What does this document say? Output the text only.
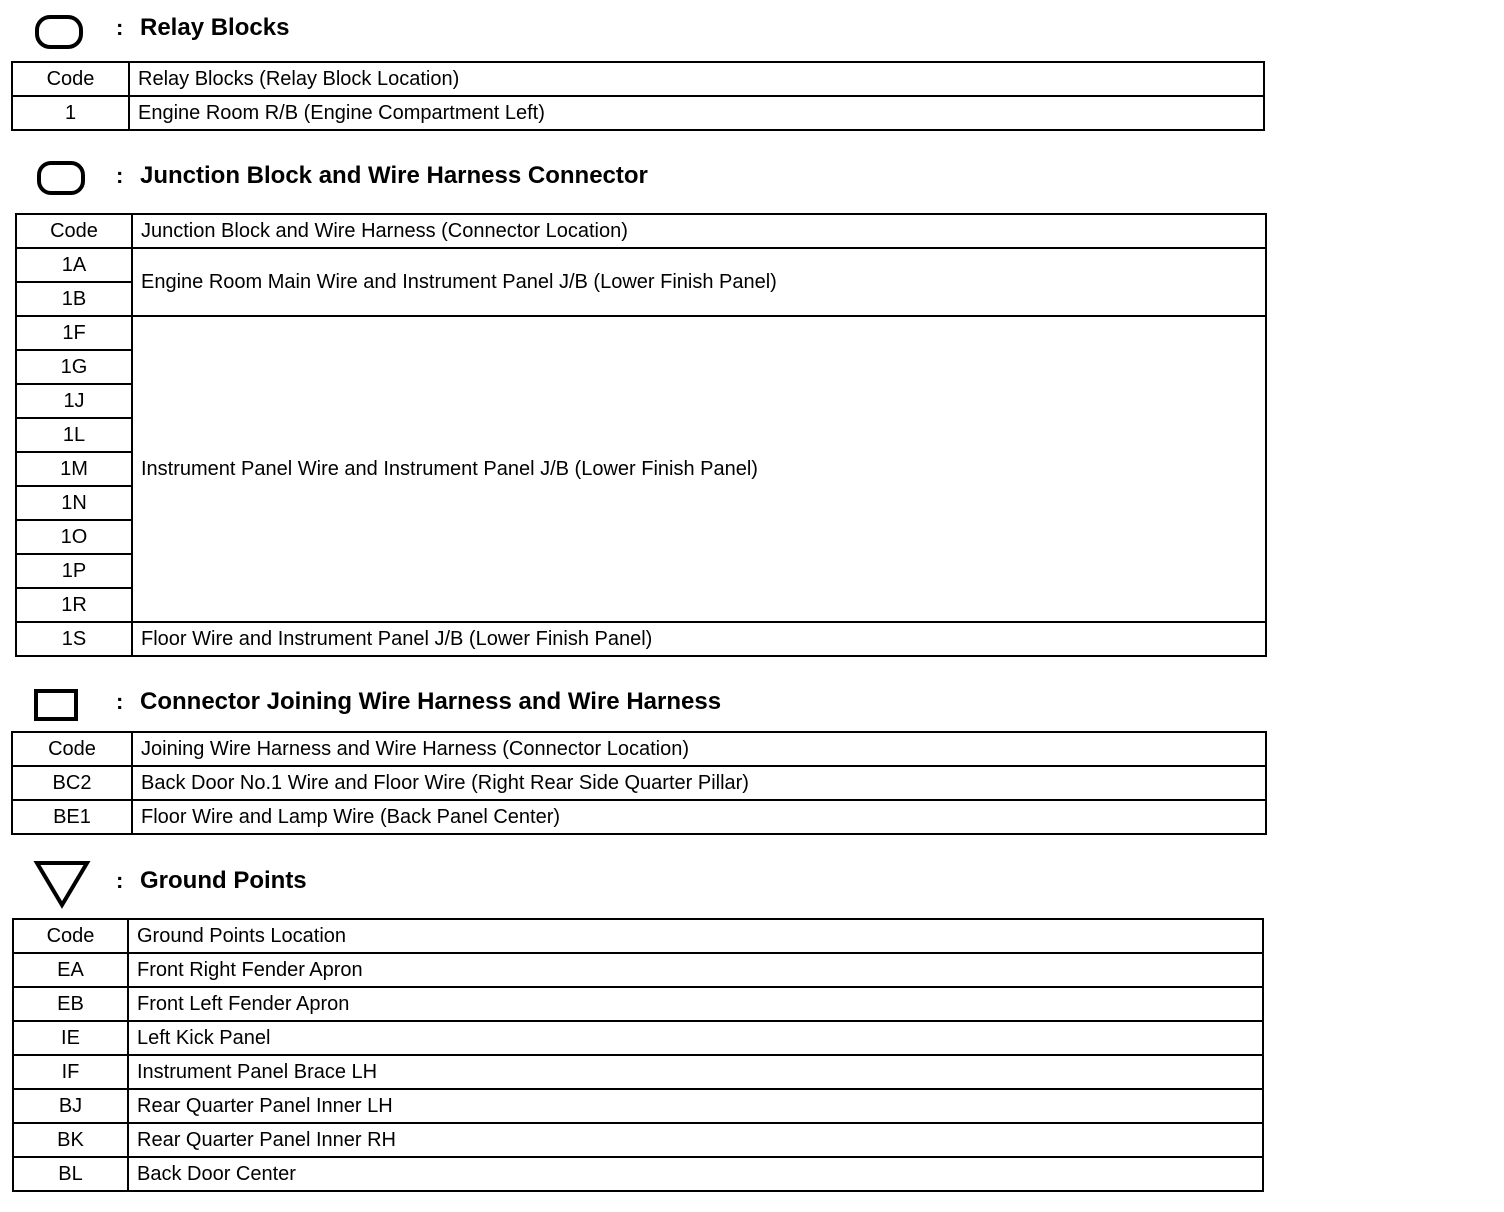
: Relay Blocks
Code	Relay Blocks (Relay Block Location)
1	Engine Room R/B (Engine Compartment Left)
: Junction Block and Wire Harness Connector
Code	Junction Block and Wire Harness (Connector Location)
1A	Engine Room Main Wire and Instrument Panel J/B (Lower Finish Panel)
1B	
1F	Instrument Panel Wire and Instrument Panel J/B (Lower Finish Panel)
1G	
1J	
1L	
1M	
1N	
1O	
1P	
1R	
1S	Floor Wire and Instrument Panel J/B (Lower Finish Panel)
: Connector Joining Wire Harness and Wire Harness
Code	Joining Wire Harness and Wire Harness (Connector Location)
BC2	Back Door No.1 Wire and Floor Wire (Right Rear Side Quarter Pillar)
BE1	Floor Wire and Lamp Wire (Back Panel Center)
: Ground Points
Code	Ground Points Location
EA	Front Right Fender Apron
EB	Front Left Fender Apron
IE	Left Kick Panel
IF	Instrument Panel Brace LH
BJ	Rear Quarter Panel Inner LH
BK	Rear Quarter Panel Inner RH
BL	Back Door Center
